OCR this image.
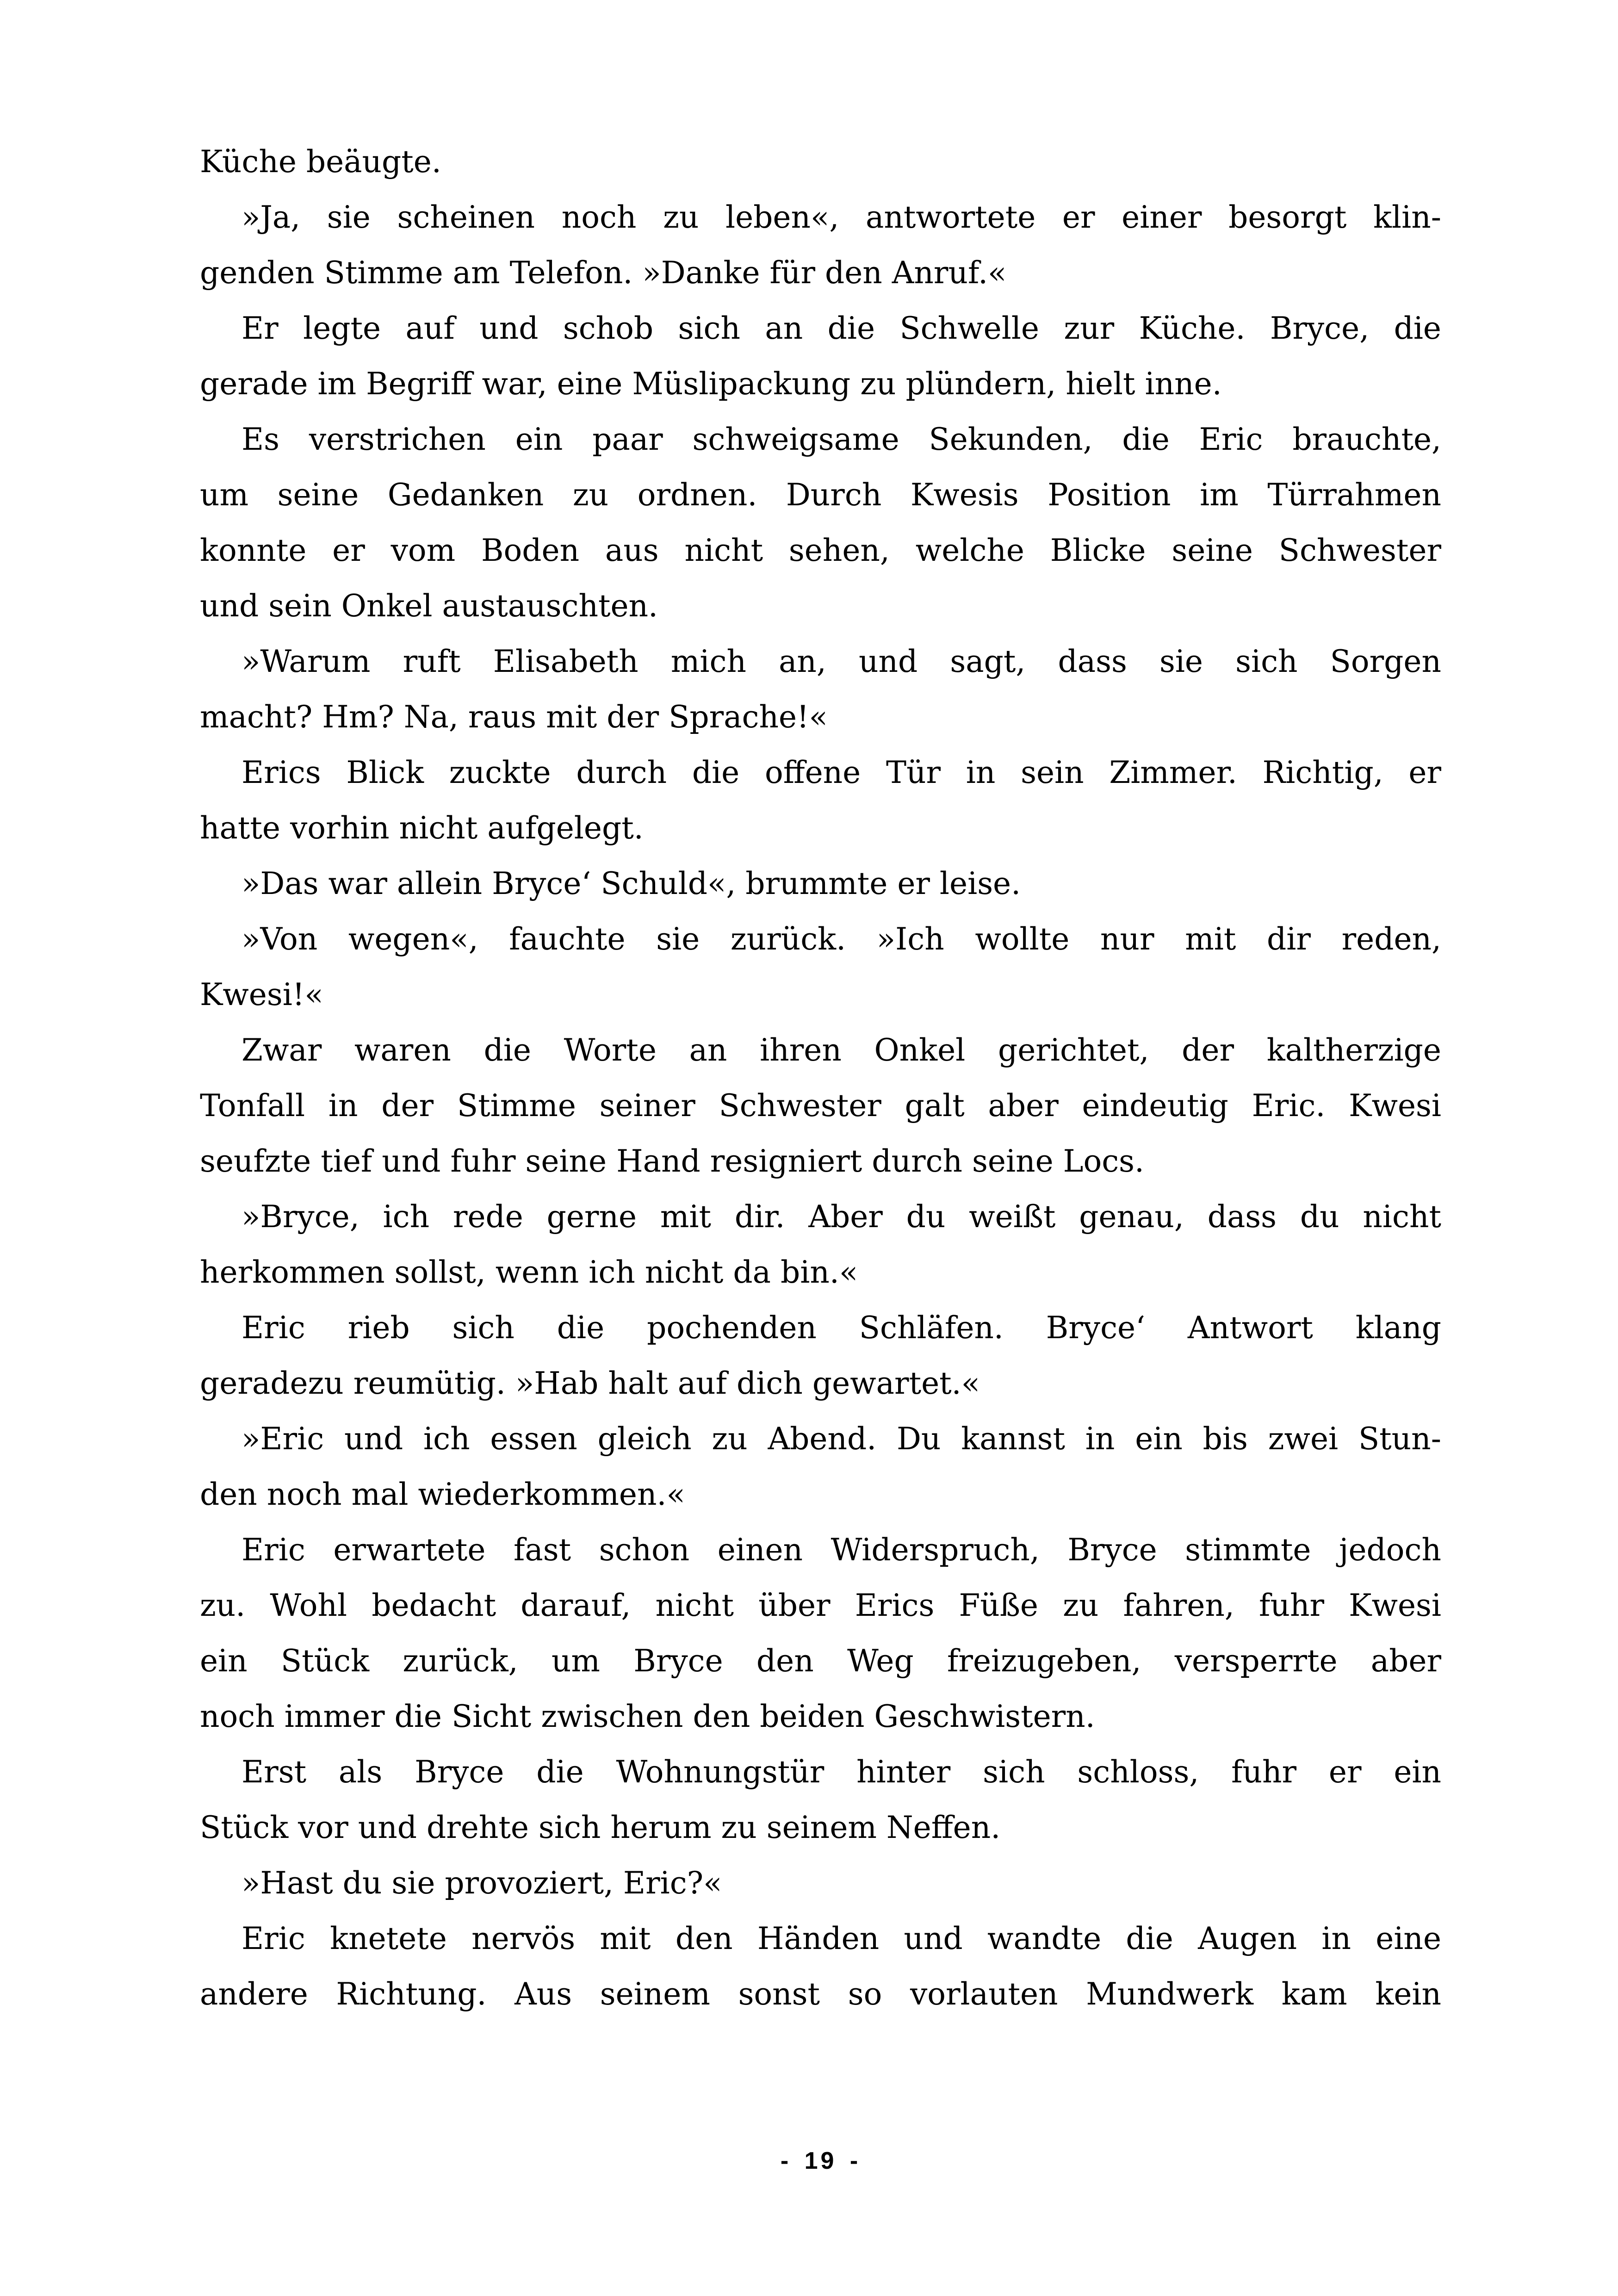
Küche beäugte.
»Ja, sie scheinen noch zu leben«, antwortete er einer besorgt klin-
genden Stimme am Telefon. »Danke für den Anruf.«
Er legte auf und schob sich an die Schwelle zur Küche. Bryce, die
gerade im Begriff war, eine Müslipackung zu plündern, hielt inne.
Es verstrichen ein paar schweigsame Sekunden, die Eric brauchte,
um seine Gedanken zu ordnen. Durch Kwesis Position im Türrahmen
konnte er vom Boden aus nicht sehen, welche Blicke seine Schwester
und sein Onkel austauschten.
»Warum ruft Elisabeth mich an, und sagt, dass sie sich Sorgen
macht? Hm? Na, raus mit der Sprache!«
Erics Blick zuckte durch die offene Tür in sein Zimmer. Richtig, er
hatte vorhin nicht aufgelegt.
»Das war allein Bryce‘ Schuld«, brummte er leise.
»Von wegen«, fauchte sie zurück. »Ich wollte nur mit dir reden,
Kwesi!«
Zwar waren die Worte an ihren Onkel gerichtet, der kaltherzige
Tonfall in der Stimme seiner Schwester galt aber eindeutig Eric. Kwesi
seufzte tief und fuhr seine Hand resigniert durch seine Locs.
»Bryce, ich rede gerne mit dir. Aber du weißt genau, dass du nicht
herkommen sollst, wenn ich nicht da bin.«
Eric rieb sich die pochenden Schläfen. Bryce‘ Antwort klang
geradezu reumütig. »Hab halt auf dich gewartet.«
»Eric und ich essen gleich zu Abend. Du kannst in ein bis zwei Stun-
den noch mal wiederkommen.«
Eric erwartete fast schon einen Widerspruch, Bryce stimmte jedoch
zu. Wohl bedacht darauf, nicht über Erics Füße zu fahren, fuhr Kwesi
ein Stück zurück, um Bryce den Weg freizugeben, versperrte aber
noch immer die Sicht zwischen den beiden Geschwistern.
Erst als Bryce die Wohnungstür hinter sich schloss, fuhr er ein
Stück vor und drehte sich herum zu seinem Neffen.
»Hast du sie provoziert, Eric?«
Eric knetete nervös mit den Händen und wandte die Augen in eine
andere Richtung. Aus seinem sonst so vorlauten Mundwerk kam kein
- 19 -
